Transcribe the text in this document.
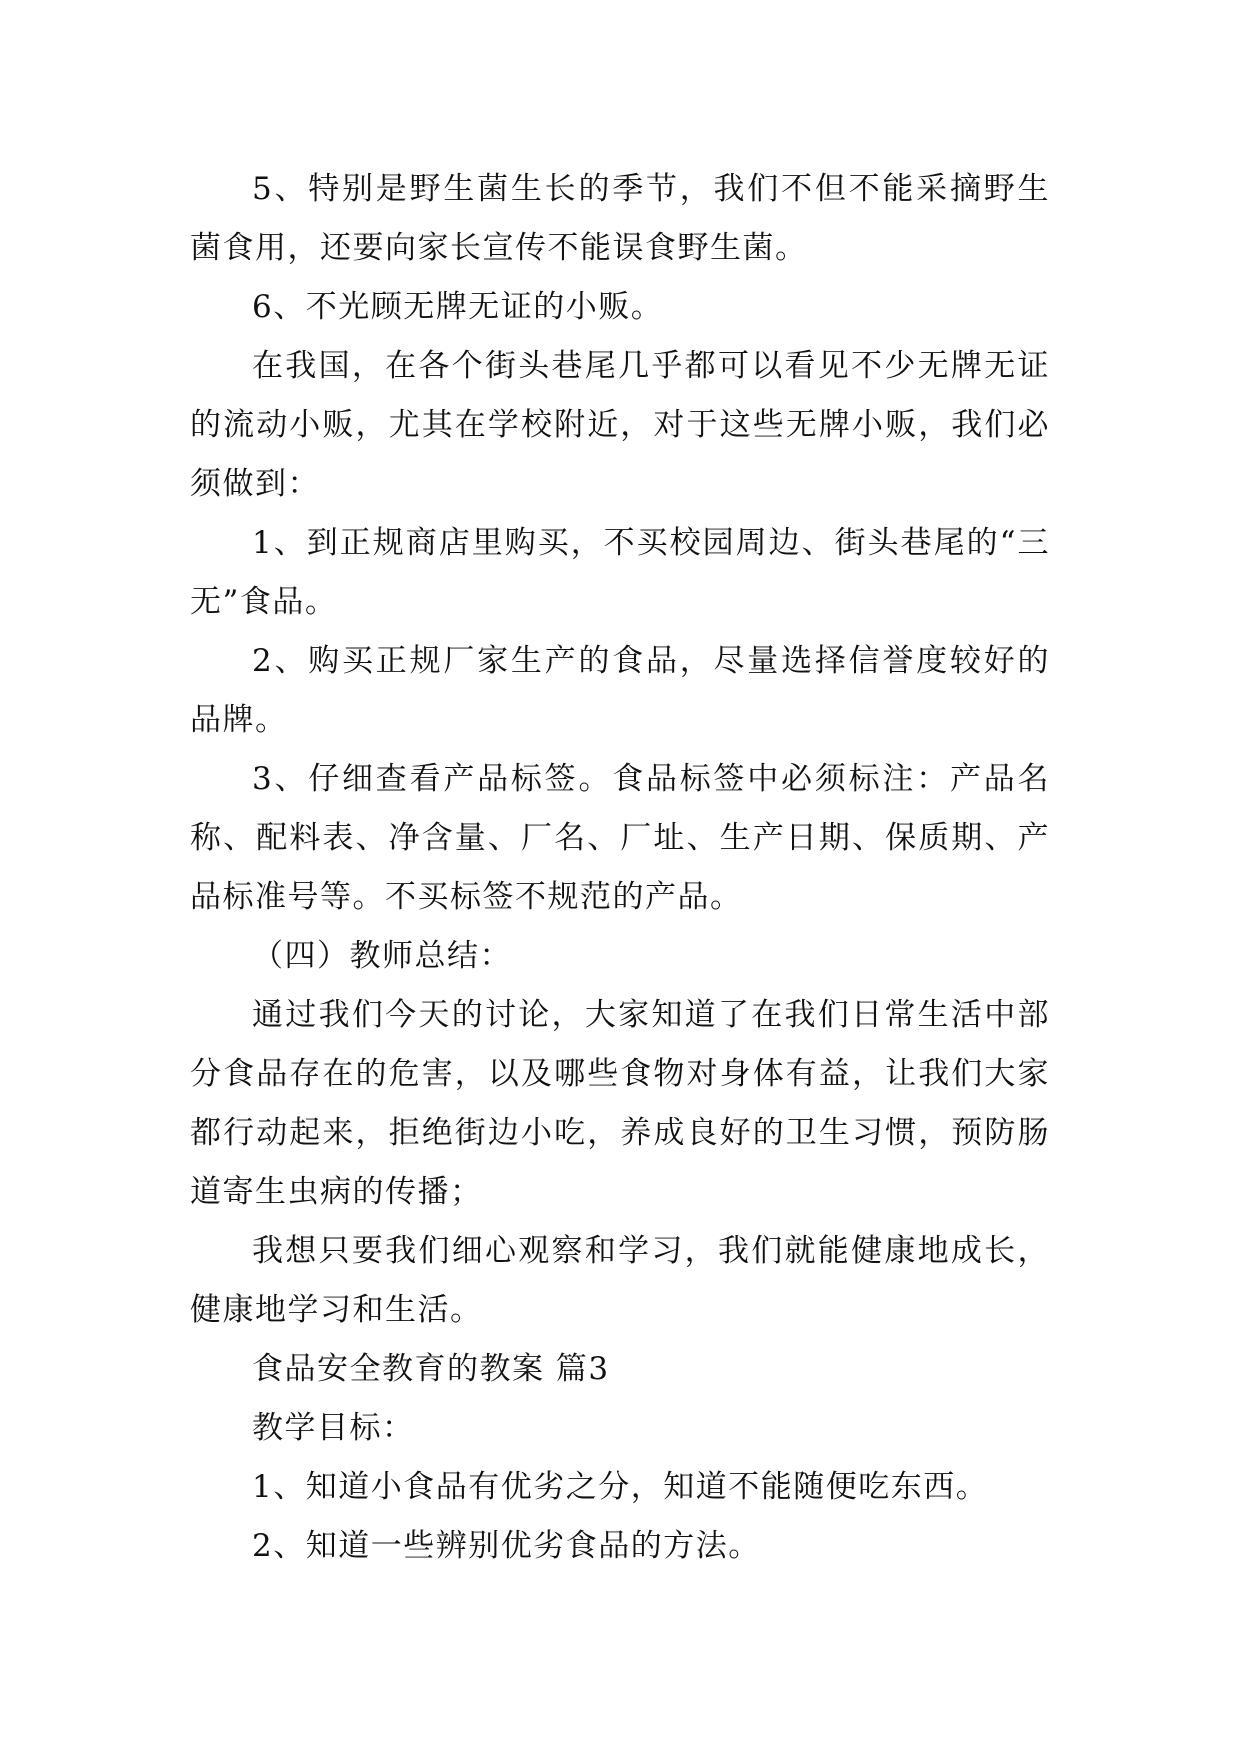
5、特别是野生菌生长的季节，我们不但不能采摘野生菌食用，还要向家长宣传不能误食野生菌。

6、不光顾无牌无证的小贩。

在我国，在各个街头巷尾几乎都可以看见不少无牌无证的流动小贩，尤其在学校附近，对于这些无牌小贩，我们必须做到：

1、到正规商店里购买，不买校园周边、街头巷尾的“三无”食品。

2、购买正规厂家生产的食品，尽量选择信誉度较好的品牌。

3、仔细查看产品标签。食品标签中必须标注：产品名称、配料表、净含量、厂名、厂址、生产日期、保质期、产品标准号等。不买标签不规范的产品。

（四）教师总结：

通过我们今天的讨论，大家知道了在我们日常生活中部分食品存在的危害，以及哪些食物对身体有益，让我们大家都行动起来，拒绝街边小吃，养成良好的卫生习惯，预防肠道寄生虫病的传播；

我想只要我们细心观察和学习，我们就能健康地成长，健康地学习和生活。

食品安全教育的教案 篇3

教学目标：

1、知道小食品有优劣之分，知道不能随便吃东西。

2、知道一些辨别优劣食品的方法。
